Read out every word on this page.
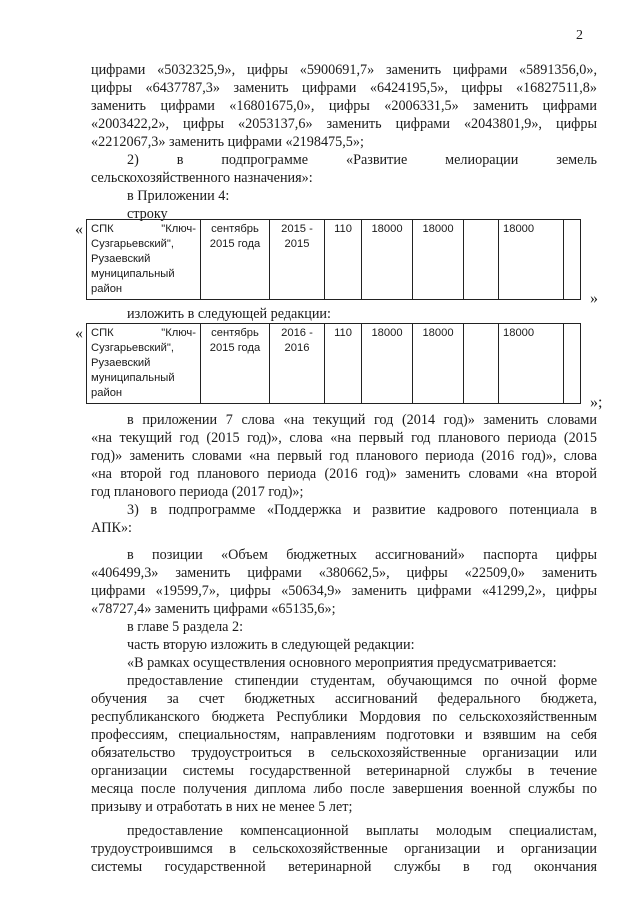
2
цифрами «5032325,9», цифры «5900691,7» заменить цифрами «5891356,0»,
цифры «6437787,3» заменить цифрами «6424195,5», цифры «16827511,8»
заменить цифрами «16801675,0», цифры «2006331,5» заменить цифрами
«2003422,2», цифры «2053137,6» заменить цифрами «2043801,9», цифры
«2212067,3» заменить цифрами «2198475,5»;
2) в подпрограмме «Развитие мелиорации земель
сельскохозяйственного назначения»:
в Приложении 4:
строку
« СПК "Ключ-
Сузгарьевский",
Рузаевский
муниципальный
район
	сентябрь 2015 года	2015 - 2015	110	18000	18000		18000	
»
изложить в следующей редакции:
« СПК "Ключ-
Сузгарьевский",
Рузаевский
муниципальный
район
	сентябрь 2015 года	2016 - 2016	110	18000	18000		18000	
»;
в приложении 7 слова «на текущий год (2014 год)» заменить словами
«на текущий год (2015 год)», слова «на первый год планового периода (2015
год)» заменить словами «на первый год планового периода (2016 год)», слова
«на второй год планового периода (2016 год)» заменить словами «на второй
год планового периода (2017 год)»;
3) в подпрограмме «Поддержка и развитие кадрового потенциала в
АПК»:
в позиции «Объем бюджетных ассигнований» паспорта цифры
«406499,3» заменить цифрами «380662,5», цифры «22509,0» заменить
цифрами «19599,7», цифры «50634,9» заменить цифрами «41299,2», цифры
«78727,4» заменить цифрами «65135,6»;
в главе 5 раздела 2:
часть вторую изложить в следующей редакции:
«В рамках осуществления основного мероприятия предусматривается:
предоставление стипендии студентам, обучающимся по очной форме
обучения за счет бюджетных ассигнований федерального бюджета,
республиканского бюджета Республики Мордовия по сельскохозяйственным
профессиям, специальностям, направлениям подготовки и взявшим на себя
обязательство трудоустроиться в сельскохозяйственные организации или
организации системы государственной ветеринарной службы в течение
месяца после получения диплома либо после завершения военной службы по
призыву и отработать в них не менее 5 лет;
предоставление компенсационной выплаты молодым специалистам,
трудоустроившимся в сельскохозяйственные организации и организации
системы государственной ветеринарной службы в год окончания
